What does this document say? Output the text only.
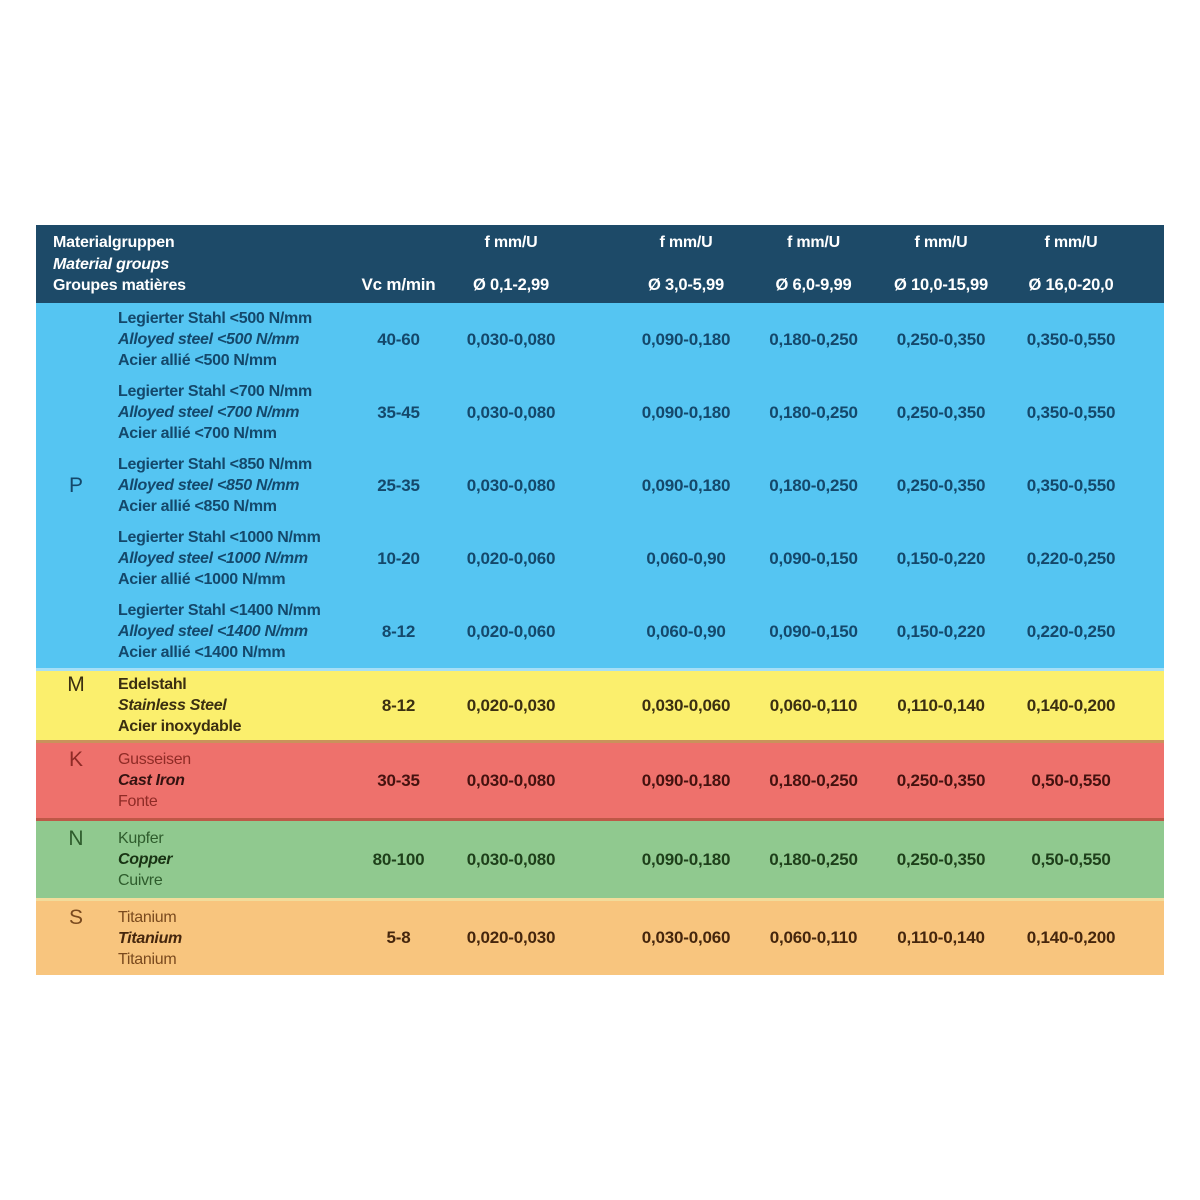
Materialgruppen
Material groups
Groupes matières	Vc m/min
f mm/U
Ø 0,1-2,99
f mm/U
Ø 3,0-5,99
f mm/U
Ø 6,0-9,99
f mm/U
Ø 10,0-15,99
f mm/U
Ø 16,0-20,0
P
Legierter Stahl <500 N/mm
Alloyed steel <500 N/mm
Acier allié <500 N/mm
40-60	0,030-0,080	0,090-0,180	0,180-0,250	0,250-0,350	0,350-0,550
Legierter Stahl <700 N/mm
Alloyed steel <700 N/mm
Acier allié <700 N/mm
35-45	0,030-0,080	0,090-0,180	0,180-0,250	0,250-0,350	0,350-0,550
Legierter Stahl <850 N/mm
Alloyed steel <850 N/mm
Acier allié <850 N/mm
25-35	0,030-0,080	0,090-0,180	0,180-0,250	0,250-0,350	0,350-0,550
Legierter Stahl <1000 N/mm
Alloyed steel <1000 N/mm
Acier allié <1000 N/mm
10-20	0,020-0,060	0,060-0,90	0,090-0,150	0,150-0,220	0,220-0,250
Legierter Stahl <1400 N/mm
Alloyed steel <1400 N/mm
Acier allié <1400 N/mm
8-12	0,020-0,060	0,060-0,90	0,090-0,150	0,150-0,220	0,220-0,250
M Edelstahl
Stainless Steel
Acier inoxydable
8-12	0,020-0,030	0,030-0,060	0,060-0,110	0,110-0,140	0,140-0,200
K Gusseisen
Cast Iron
Fonte
30-35	0,030-0,080	0,090-0,180	0,180-0,250	0,250-0,350	0,50-0,550
N Kupfer
Copper
Cuivre
80-100	0,030-0,080	0,090-0,180	0,180-0,250	0,250-0,350	0,50-0,550
S Titanium
Titanium
Titanium
5-8	0,020-0,030	0,030-0,060	0,060-0,110	0,110-0,140	0,140-0,200
